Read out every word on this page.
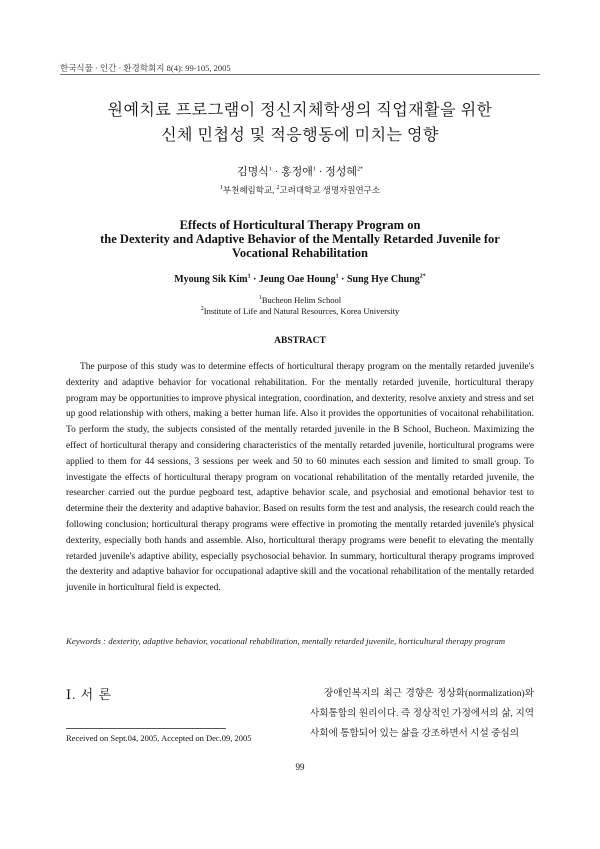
한국식물 · 인간 · 환경학회지 8(4): 99-105, 2005
원예치료 프로그램이 정신지체학생의 직업재활을 위한
신체 민첩성 및 적응행동에 미치는 영향
김명식$^1$ · 홍정애$^1$ · 정성혜$^{2*}$
$^1$부천혜림학교, $^2$고려대학교 생명자원연구소
Effects of Horticultural Therapy Program on
the Dexterity and Adaptive Behavior of the Mentally Retarded Juvenile for
Vocational Rehabilitation
Myoung Sik Kim$^1$ · Jeung Oae Houng$^1$ · Sung Hye Chung$^{2*}$
$^1$Bucheon Helim School
$^2$Institute of Life and Natural Resources, Korea University
ABSTRACT
The purpose of this study was to determine effects of horticultural therapy program on the mentally retarded juvenile's dexterity and adaptive behavior for vocational rehabilitation. For the mentally retarded juvenile, horticultural therapy program may be opportunities to improve physical integration, coordination, and dexterity, resolve anxiety and stress and set up good relationship with others, making a better human life. Also it provides the opportunities of vocaitonal rehabilitation. To perform the study, the subjects consisted of the mentally retarded juvenile in the B School, Bucheon. Maximizing the effect of horticultural therapy and considering characteristics of the mentally retarded juvenile, horticultural programs were applied to them for 44 sessions, 3 sessions per week and 50 to 60 minutes each session and limited to small group. To investigate the effects of horticultural therapy program on vocational rehabilitation of the mentally retarded juvenile, the researcher carried out the purdue pegboard test, adaptive behavior scale, and psychosial and emotional behavior test to determine their the dexterity and adaptive bahavior. Based on results form the test and analysis, the research could reach the following conclusion; horticultural therapy programs were effective in promoting the mentally retarded juvenile's physical dexterity, especially both hands and assemble. Also, horticultural therapy programs were benefit to elevating the mentally retarded juvenile's adaptive ability, especially psychosocial behavior. In summary, horticultural therapy programs improved the dexterity and adaptive bahavior for occupational adaptive skill and the vocational rehabilitation of the mentally retarded juvenile in horticultural field is expected.
Keywords : dexterity, adaptive behavior, vocational rehabilitation, mentally retarded juvenile, horticultural therapy program
Ⅰ. 서 론	장애인복지의 최근 경향은 정상화(normalization)와 사회통합의 원리이다. 즉 정상적인 가정에서의 삶, 지역사회에 통합되어 있는 삶을 강조하면서 시설 중심의
Received on Sept.04, 2005. Accepted on Dec.09, 2005
99
